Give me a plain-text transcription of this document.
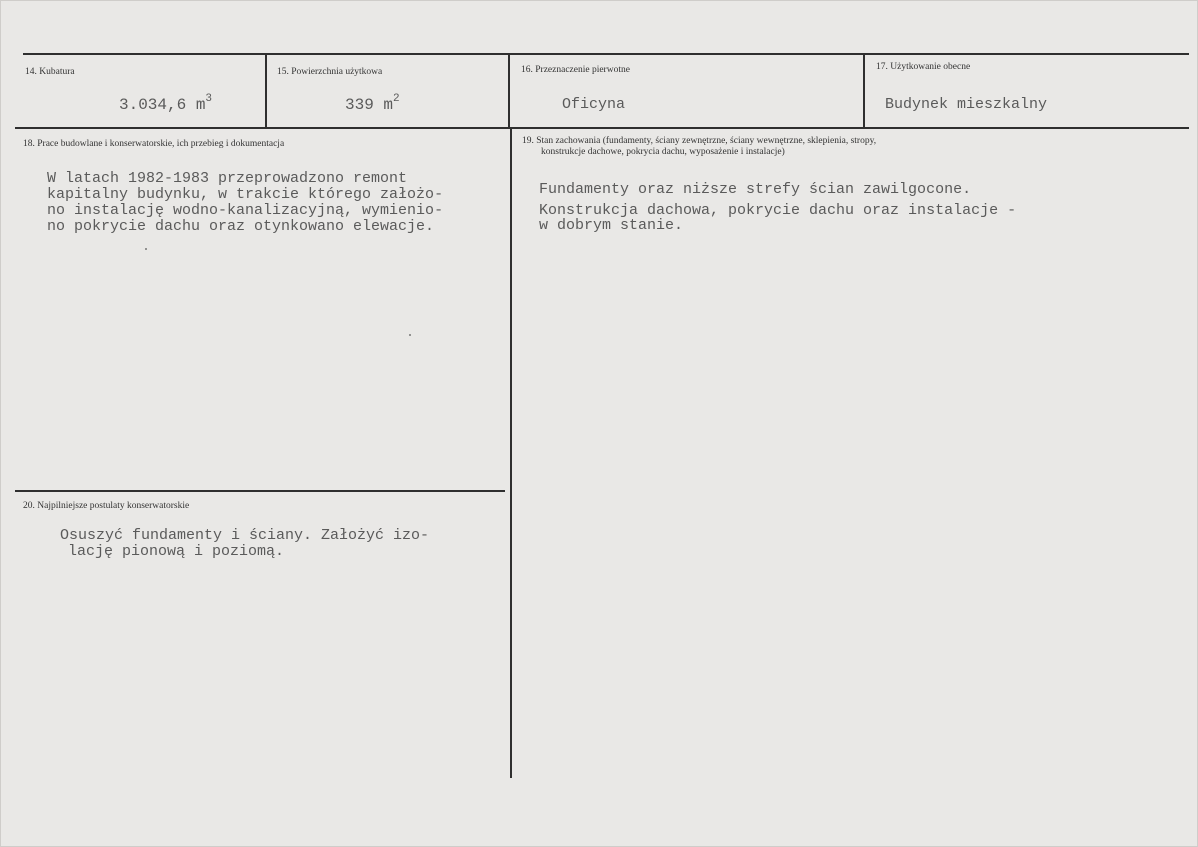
14. Kubatura
3.034,6 $m^3$
15. Powierzchnia użytkowa
339 $m^2$
16. Przeznaczenie pierwotne
Oficyna
17. Użytkowanie obecne
Budynek mieszkalny
18. Prace budowlane i konserwatorskie, ich przebieg i dokumentacja
W latach 1982-1983 przeprowadzono remont
kapitalny budynku, w trakcie którego założo-
no instalację wodno-kanalizacyjną, wymienio-
no pokrycie dachu oraz otynkowano elewacje.
19. Stan zachowania (fundamenty, ściany zewnętrzne, ściany wewnętrzne, sklepienia, stropy,
konstrukcje dachowe, pokrycia dachu, wyposażenie i instalacje)
Fundamenty oraz niższe strefy ścian zawilgocone.
Konstrukcja dachowa, pokrycie dachu oraz instalacje -
w dobrym stanie.
20. Najpilniejsze postulaty konserwatorskie
Osuszyć fundamenty i ściany. Założyć izo-
lację pionową i poziomą.
